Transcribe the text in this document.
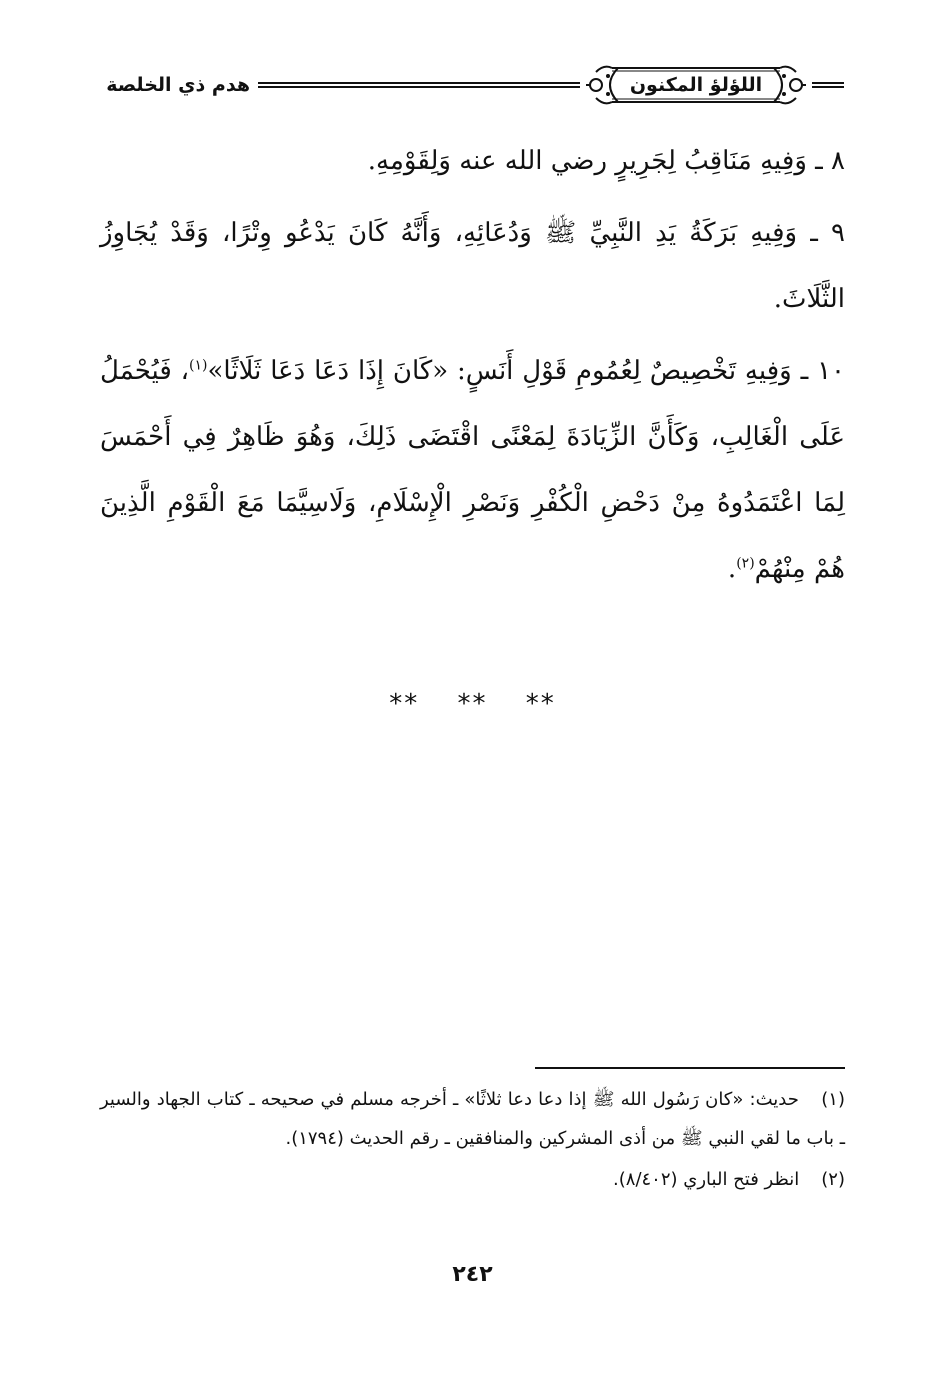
اللؤلؤ المكنون
هدم ذي الخلصة

٨ ـ وَفِيهِ مَنَاقِبُ لِجَرِيرٍ رضي الله عنه وَلِقَوْمِهِ.

٩ ـ وَفِيهِ بَرَكَةُ يَدِ النَّبِيِّ ﷺ وَدُعَائِهِ، وَأَنَّهُ كَانَ يَدْعُو وِتْرًا، وَقَدْ يُجَاوِزُ الثَّلَاثَ.

١٠ ـ وَفِيهِ تَخْصِيصٌ لِعُمُومِ قَوْلِ أَنَسٍ: «كَانَ إِذَا دَعَا دَعَا ثَلَاثًا»$^{(١)}$، فَيُحْمَلُ عَلَى الْغَالِبِ، وَكَأَنَّ الزِّيَادَةَ لِمَعْنًى اقْتَضَى ذَلِكَ، وَهُوَ ظَاهِرٌ فِي أَحْمَسَ لِمَا اعْتَمَدُوهُ مِنْ دَحْضِ الْكُفْرِ وَنَصْرِ الْإِسْلَامِ، وَلَاسِيَّمَا مَعَ الْقَوْمِ الَّذِينَ هُمْ مِنْهُمْ$^{(٢)}$.

** ** **

(١) حديث: «كان رَسُول الله ﷺ إذا دعا دعا ثلاثًا» ـ أخرجه مسلم في صحيحه ـ كتاب الجهاد والسير ـ باب ما لقي النبي ﷺ من أذى المشركين والمنافقين ـ رقم الحديث (١٧٩٤).

(٢) انظر فتح الباري (٨/٤٠٢).

٢٤٢
